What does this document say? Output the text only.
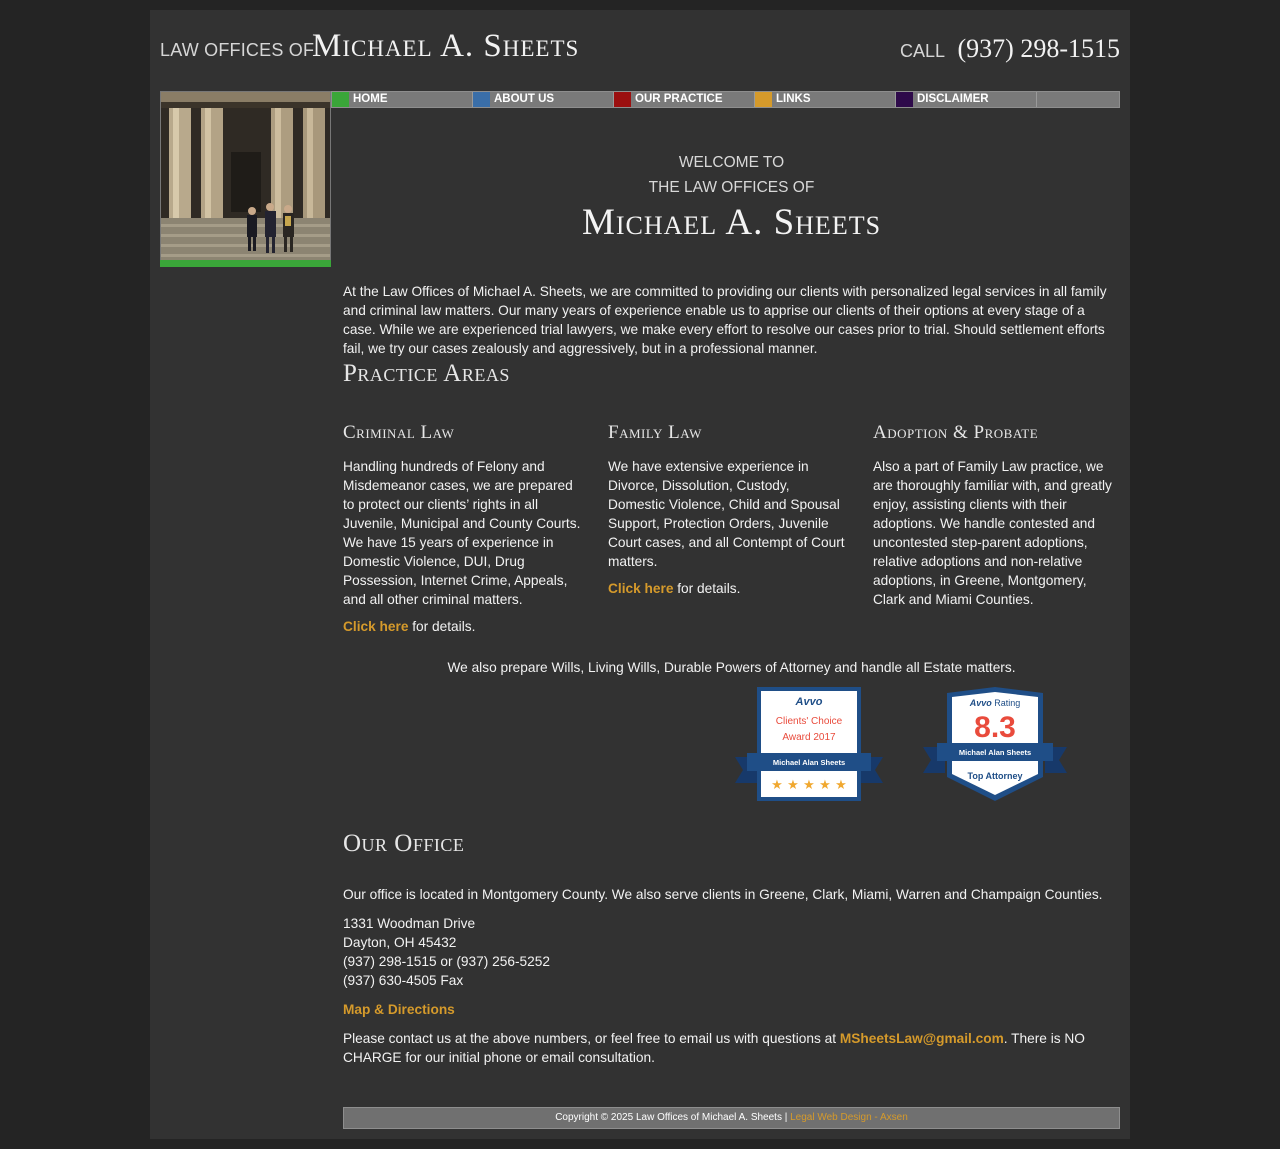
LAW OFFICES OF
Michael A. Sheets	CALL (937) 298-1515
HOME	ABOUT US	OUR PRACTICE	LINKS	DISCLAIMER
WELCOME TO
THE LAW OFFICES OF
Michael A. Sheets
At the Law Offices of Michael A. Sheets, we are committed to providing our clients with personalized legal services in all family and criminal law matters. Our many years of experience enable us to apprise our clients of their options at every stage of a case. While we are experienced trial lawyers, we make every effort to resolve our cases prior to trial. Should settlement efforts fail, we try our cases zealously and aggressively, but in a professional manner.
Practice Areas
Criminal Law
Handling hundreds of Felony and Misdemeanor cases, we are prepared to protect our clients’ rights in all Juvenile, Municipal and County Courts. We have 15 years of experience in Domestic Violence, DUI, Drug Possession, Internet Crime, Appeals, and all other criminal matters.
Click here for details.
Family Law
We have extensive experience in Divorce, Dissolution, Custody, Domestic Violence, Child and Spousal Support, Protection Orders, Juvenile Court cases, and all Contempt of Court matters.
Click here for details.
Adoption & Probate
Also a part of Family Law practice, we are thoroughly familiar with, and greatly enjoy, assisting clients with their adoptions. We handle contested and uncontested step-parent adoptions, relative adoptions and non-relative adoptions, in Greene, Montgomery, Clark and Miami Counties.
We also prepare Wills, Living Wills, Durable Powers of Attorney and handle all Estate matters.
Avvo
Clients' Choice
Award 2017
Michael Alan Sheets
★ ★ ★ ★ ★
Avvo Rating
8.3
Michael Alan Sheets
Top Attorney
Our Office
Our office is located in Montgomery County. We also serve clients in Greene, Clark, Miami, Warren and Champaign Counties.
1331 Woodman Drive
Dayton, OH 45432
(937) 298-1515 or (937) 256-5252
(937) 630-4505 Fax
Map & Directions
Please contact us at the above numbers, or feel free to email us with questions at MSheetsLaw@gmail.com. There is NO CHARGE for our initial phone or email consultation.
Copyright © 2025 Law Offices of Michael A. Sheets | Legal Web Design - Axsen
